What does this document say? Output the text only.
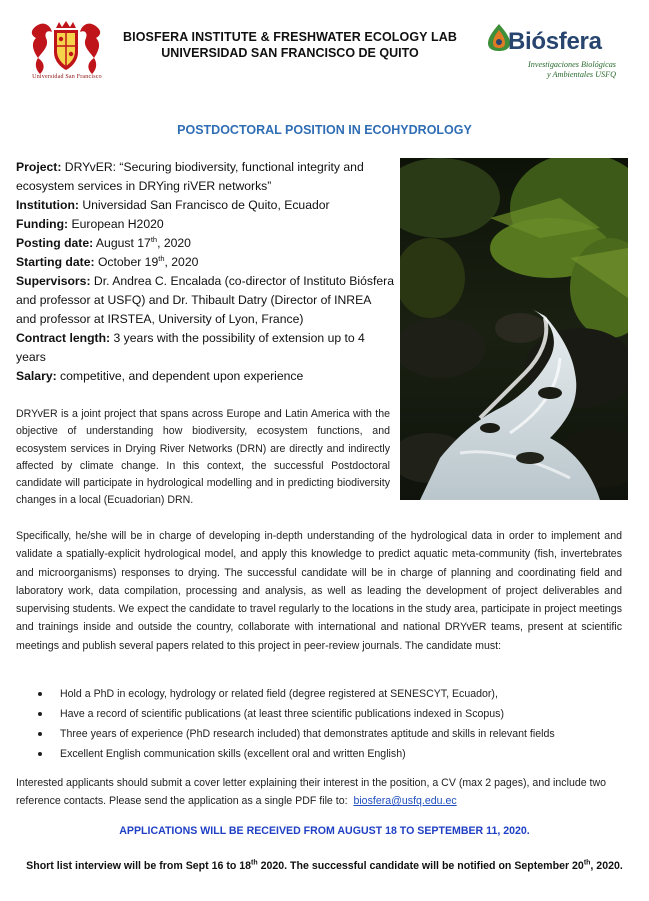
Universidad San Francisco
BIOSFERA INSTITUTE & FRESHWATER ECOLOGY LAB
UNIVERSIDAD SAN FRANCISCO DE QUITO	Biósfera
Investigaciones Biológicas
y Ambientales USFQ
POSTDOCTORAL POSITION IN ECOHYDROLOGY

Project: DRYvER: “Securing biodiversity, functional integrity and ecosystem services in DRYing riVER networks”

Institution: Universidad San Francisco de Quito, Ecuador

Funding: European H2020

Posting date: August 17th, 2020

Starting date: October 19th, 2020

Supervisors: Dr. Andrea C. Encalada (co-director of Instituto Biósfera and professor at USFQ) and Dr. Thibault Datry (Director of INREA and professor at IRSTEA, University of Lyon, France)

Contract length: 3 years with the possibility of extension up to 4 years

Salary: competitive, and dependent upon experience

DRYvER is a joint project that spans across Europe and Latin America with the objective of understanding how biodiversity, ecosystem functions, and ecosystem services in Drying River Networks (DRN) are directly and indirectly affected by climate change. In this context, the successful Postdoctoral candidate will participate in hydrological modelling and in predicting biodiversity changes in a local (Ecuadorian) DRN.
Specifically, he/she will be in charge of developing in-depth understanding of the hydrological data in order to implement and validate a spatially-explicit hydrological model, and apply this knowledge to predict aquatic meta-community (fish, invertebrates and microorganisms) responses to drying. The successful candidate will be in charge of planning and coordinating field and laboratory work, data compilation, processing and analysis, as well as leading the development of project deliverables and supervising students. We expect the candidate to travel regularly to the locations in the study area, participate in project meetings and trainings inside and outside the country, collaborate with international and national DRYvER teams, present at scientific meetings and publish several papers related to this project in peer-review journals. The candidate must:
Hold a PhD in ecology, hydrology or related field (degree registered at SENESCYT, Ecuador),
Have a record of scientific publications (at least three scientific publications indexed in Scopus)
Three years of experience (PhD research included) that demonstrates aptitude and skills in relevant fields
Excellent English communication skills (excellent oral and written English)
Interested applicants should submit a cover letter explaining their interest in the position, a CV (max 2 pages), and include two reference contacts. Please send the application as a single PDF file to: biosfera@usfq.edu.ec
APPLICATIONS WILL BE RECEIVED FROM AUGUST 18 TO SEPTEMBER 11, 2020.
Short list interview will be from Sept 16 to 18th 2020. The successful candidate will be notified on September 20th, 2020.
